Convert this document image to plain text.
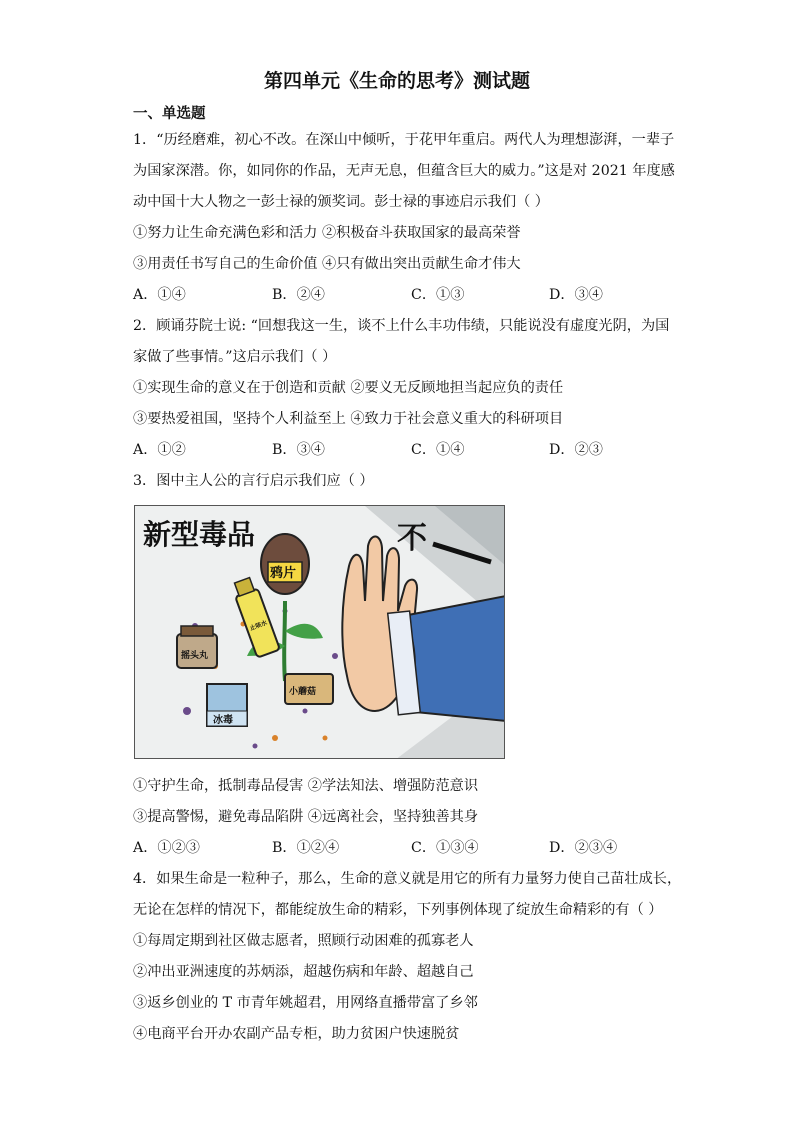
第四单元《生命的思考》测试题
一、单选题
1．“历经磨难，初心不改。在深山中倾听，于花甲年重启。两代人为理想澎湃，一辈子
为国家深潜。你，如同你的作品，无声无息，但蕴含巨大的威力。”这是对 2021 年度感
动中国十大人物之一彭士禄的颁奖词。彭士禄的事迹启示我们（ ）
①努力让生命充满色彩和活力 ②积极奋斗获取国家的最高荣誉
③用责任书写自己的生命价值 ④只有做出突出贡献生命才伟大
A．①④	B．②④	C．①③	D．③④
2．顾诵芬院士说: “回想我这一生，谈不上什么丰功伟绩，只能说没有虚度光阴，为国
家做了些事情。”这启示我们（ ）
①实现生命的意义在于创造和贡献 ②要义无反顾地担当起应负的责任
③要热爱祖国，坚持个人利益至上 ④致力于社会意义重大的科研项目
A．①②	B．③④	C．①④	D．②③
3．图中主人公的言行启示我们应（ ）
新型毒品	不
鸦片
止咳水
摇头丸
冰毒
小蘑菇
①守护生命，抵制毒品侵害 ②学法知法、增强防范意识
③提高警惕，避免毒品陷阱 ④远离社会，坚持独善其身
A．①②③	B．①②④	C．①③④	D．②③④
4．如果生命是一粒种子，那么，生命的意义就是用它的所有力量努力使自己苗壮成长，
无论在怎样的情况下，都能绽放生命的精彩，下列事例体现了绽放生命精彩的有（ ）
①每周定期到社区做志愿者，照顾行动困难的孤寡老人
②冲出亚洲速度的苏炳添，超越伤病和年龄、超越自己
③返乡创业的 T 市青年姚超君，用网络直播带富了乡邻
④电商平台开办农副产品专柜，助力贫困户快速脱贫
